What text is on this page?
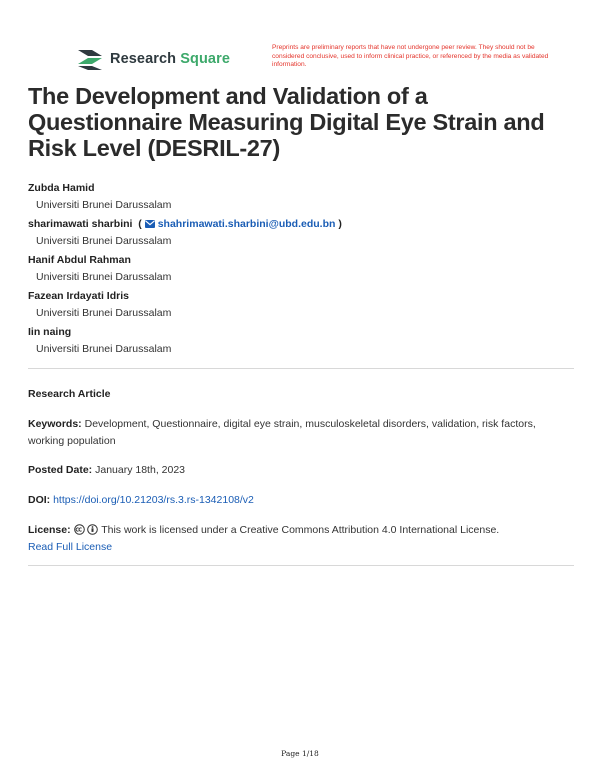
Research Square
Preprints are preliminary reports that have not undergone peer review. They should not be considered conclusive, used to inform clinical practice, or referenced by the media as validated information.
The Development and Validation of a Questionnaire Measuring Digital Eye Strain and Risk Level (DESRIL-27)
Zubda Hamid
Universiti Brunei Darussalam
sharimawati sharbini ( shahrimawati.sharbini@ubd.edu.bn )
Universiti Brunei Darussalam
Hanif Abdul Rahman
Universiti Brunei Darussalam
Fazean Irdayati Idris
Universiti Brunei Darussalam
Iin naing
Universiti Brunei Darussalam
Research Article
Keywords: Development, Questionnaire, digital eye strain, musculoskeletal disorders, validation, risk factors, working population
Posted Date: January 18th, 2023
DOI: https://doi.org/10.21203/rs.3.rs-1342108/v2
License:	This work is licensed under a Creative Commons Attribution 4.0 International License.
Read Full License
Page 1/18
